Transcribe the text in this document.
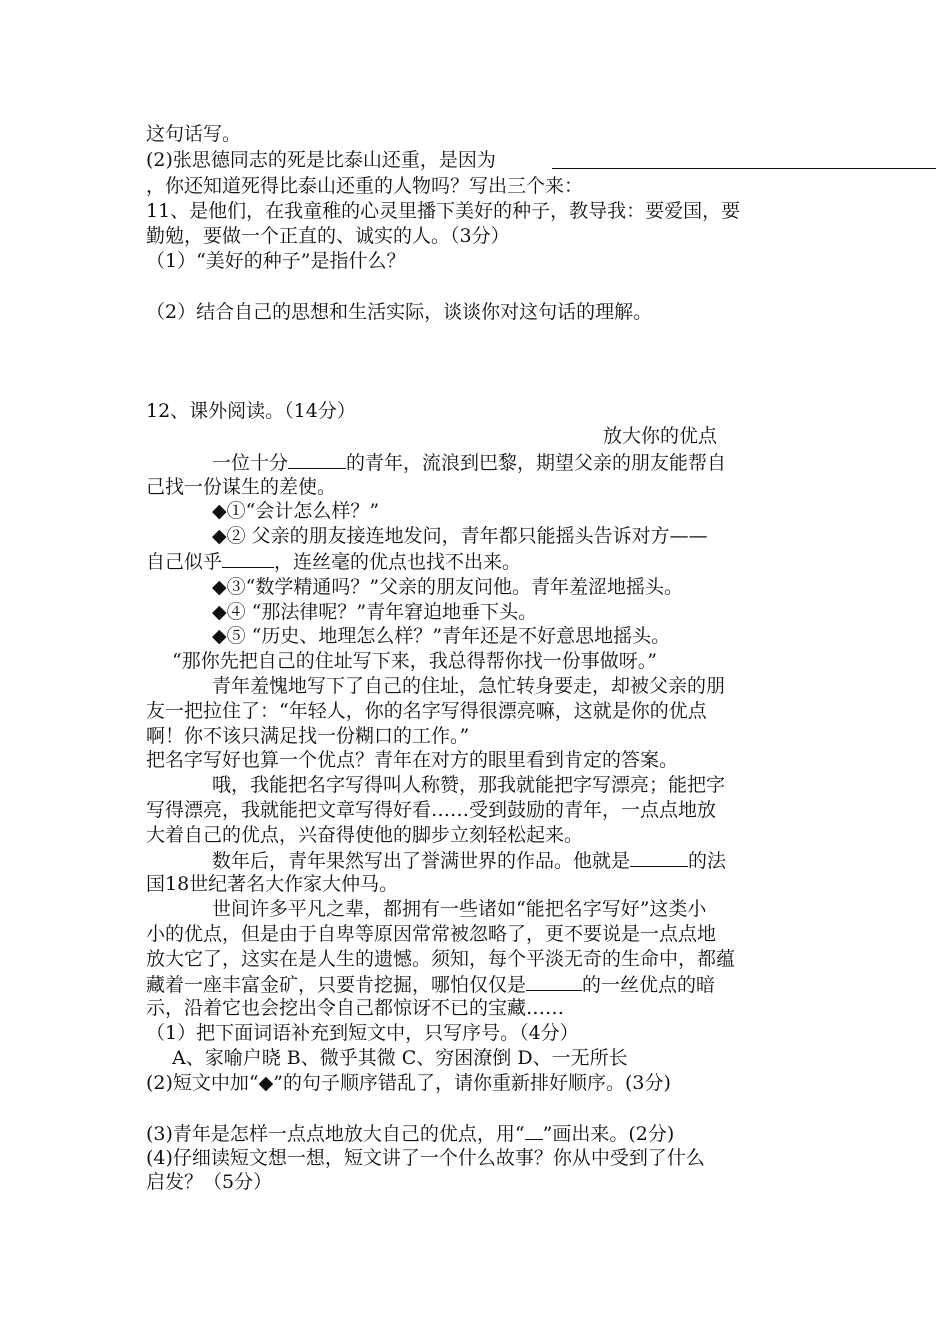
这句话写。
(2)张思德同志的死是比泰山还重，是因为
，你还知道死得比泰山还重的人物吗？写出三个来：
11、是他们，在我童稚的心灵里播下美好的种子，教导我：要爱国，要
勤勉，要做一个正直的、诚实的人。（3分）
（1）“美好的种子”是指什么？
（2）结合自己的思想和生活实际，谈谈你对这句话的理解。
12、课外阅读。（14分）
放大你的优点
一位十分	的青年，流浪到巴黎，期望父亲的朋友能帮自
己找一份谋生的差使。
◆①“会计怎么样？”
◆② 父亲的朋友接连地发问，青年都只能摇头告诉对方——
自己似乎	，连丝毫的优点也找不出来。
◆③“数学精通吗？”父亲的朋友问他。青年羞涩地摇头。
◆④ “那法律呢？”青年窘迫地垂下头。
◆⑤ “历史、地理怎么样？”青年还是不好意思地摇头。
“那你先把自己的住址写下来，我总得帮你找一份事做呀。”
青年羞愧地写下了自己的住址，急忙转身要走，却被父亲的朋
友一把拉住了：“年轻人，你的名字写得很漂亮嘛，这就是你的优点
啊！你不该只满足找一份糊口的工作。”
把名字写好也算一个优点？青年在对方的眼里看到肯定的答案。
哦，我能把名字写得叫人称赞，那我就能把字写漂亮；能把字
写得漂亮，我就能把文章写得好看……受到鼓励的青年，一点点地放
大着自己的优点，兴奋得使他的脚步立刻轻松起来。
数年后，青年果然写出了誉满世界的作品。他就是	的法
国18世纪著名大作家大仲马。
世间许多平凡之辈，都拥有一些诸如“能把名字写好”这类小
小的优点，但是由于自卑等原因常常被忽略了，更不要说是一点点地
放大它了，这实在是人生的遗憾。须知，每个平淡无奇的生命中，都蕴
藏着一座丰富金矿，只要肯挖掘，哪怕仅仅是	的一丝优点的暗
示，沿着它也会挖出令自己都惊讶不已的宝藏……
（1）把下面词语补充到短文中，只写序号。（4分）
A、家喻户晓 B、微乎其微 C、穷困潦倒 D、一无所长
(2)短文中加“◆”的句子顺序错乱了，请你重新排好顺序。(3分)
(3)青年是怎样一点点地放大自己的优点，用“ ”画出来。(2分)
(4)仔细读短文想一想，短文讲了一个什么故事？你从中受到了什么
启发？（5分）
